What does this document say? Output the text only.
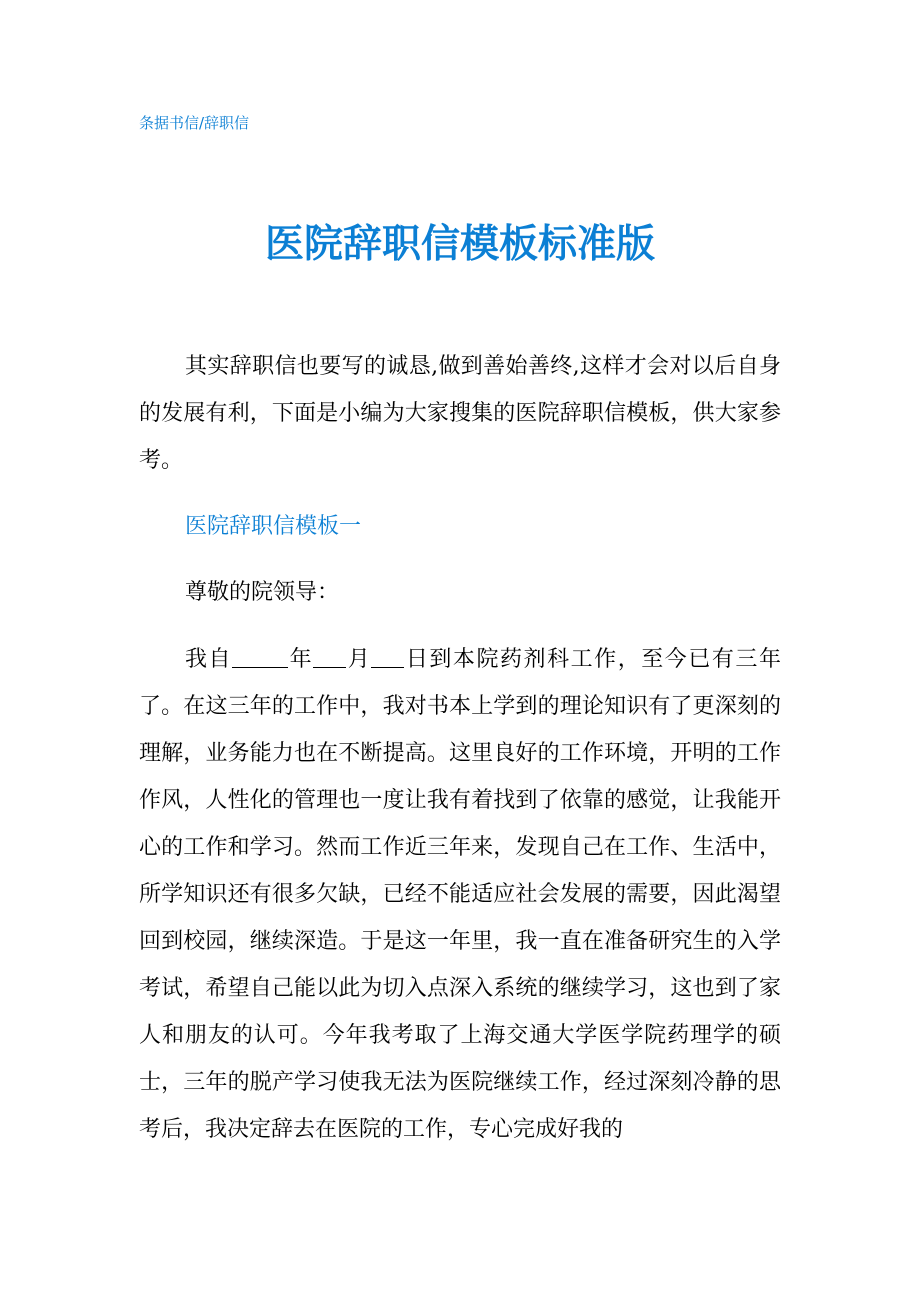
条据书信/辞职信
医院辞职信模板标准版

其实辞职信也要写的诚恳,做到善始善终,这样才会对以后自身的发展有利，下面是小编为大家搜集的医院辞职信模板，供大家参考。

医院辞职信模板一
尊敬的院领导：

我自	年 月 日到本院药剂科工作，至今已有三年了。在这三年的工作中，我对书本上学到的理论知识有了更深刻的理解，业务能力也在不断提高。这里良好的工作环境，开明的工作作风，人性化的管理也一度让我有着找到了依靠的感觉，让我能开心的工作和学习。然而工作近三年来，发现自己在工作、生活中，所学知识还有很多欠缺，已经不能适应社会发展的需要，因此渴望回到校园，继续深造。于是这一年里，我一直在准备研究生的入学考试，希望自己能以此为切入点深入系统的继续学习，这也到了家人和朋友的认可。今年我考取了上海交通大学医学院药理学的硕士，三年的脱产学习使我无法为医院继续工作，经过深刻冷静的思考后，我决定辞去在医院的工作，专心完成好我的
